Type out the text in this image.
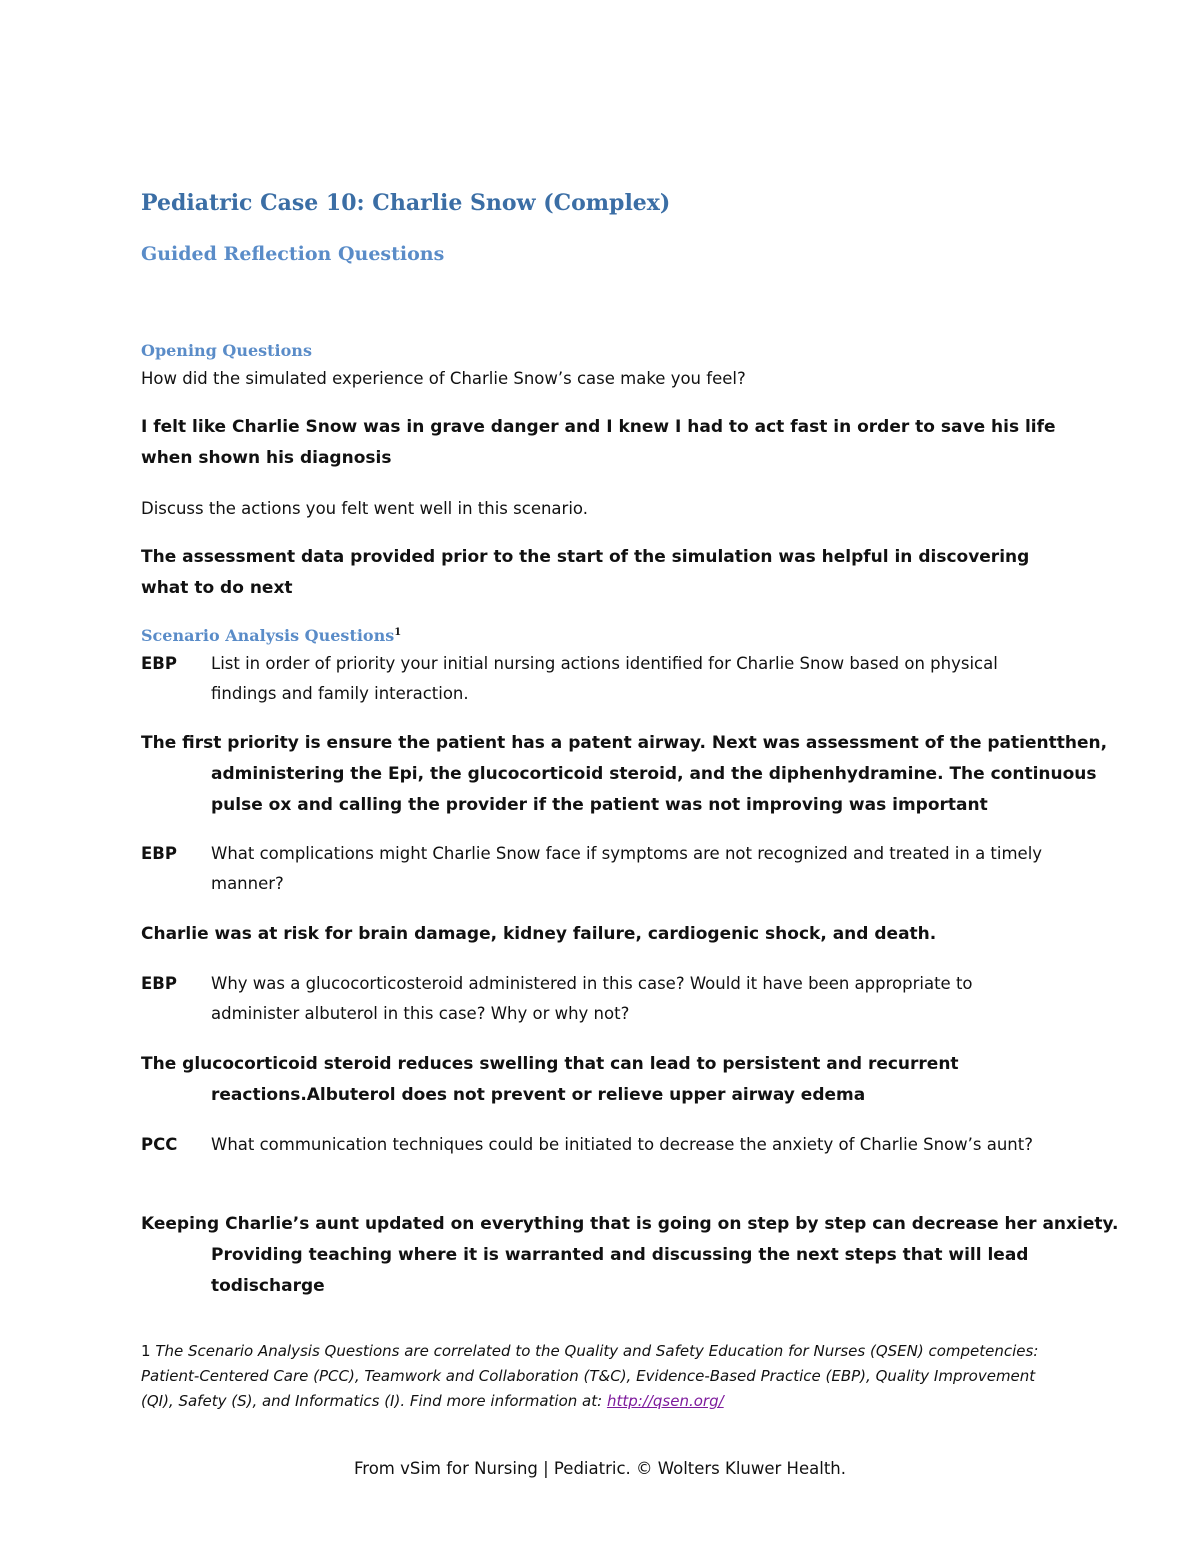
Pediatric Case 10: Charlie Snow (Complex)
Guided Reflection Questions
Opening Questions
How did the simulated experience of Charlie Snow’s case make you feel?
I felt like Charlie Snow was in grave danger and I knew I had to act fast in order to save his life when shown his diagnosis
Discuss the actions you felt went well in this scenario.
The assessment data provided prior to the start of the simulation was helpful in discovering what to do next
Scenario Analysis Questions$^1$
EBP	List in order of priority your initial nursing actions identified for Charlie Snow based on physical findings and family interaction.
The first priority is ensure the patient has a patent airway. Next was assessment of the patientthen, administering the Epi, the glucocorticoid steroid, and the diphenhydramine. The continuous pulse ox and calling the provider if the patient was not improving was important
EBP	What complications might Charlie Snow face if symptoms are not recognized and treated in a timely manner?
Charlie was at risk for brain damage, kidney failure, cardiogenic shock, and death.
EBP	Why was a glucocorticosteroid administered in this case? Would it have been appropriate to administer albuterol in this case? Why or why not?
The glucocorticoid steroid reduces swelling that can lead to persistent and recurrent reactions.Albuterol does not prevent or relieve upper airway edema
PCC	What communication techniques could be initiated to decrease the anxiety of Charlie Snow’s aunt?
Keeping Charlie’s aunt updated on everything that is going on step by step can decrease her anxiety. Providing teaching where it is warranted and discussing the next steps that will lead todischarge
1 The Scenario Analysis Questions are correlated to the Quality and Safety Education for Nurses (QSEN) competencies: Patient-Centered Care (PCC), Teamwork and Collaboration (T&C), Evidence-Based Practice (EBP), Quality Improvement (QI), Safety (S), and Informatics (I). Find more information at: http://qsen.org/
From vSim for Nursing | Pediatric. © Wolters Kluwer Health.
